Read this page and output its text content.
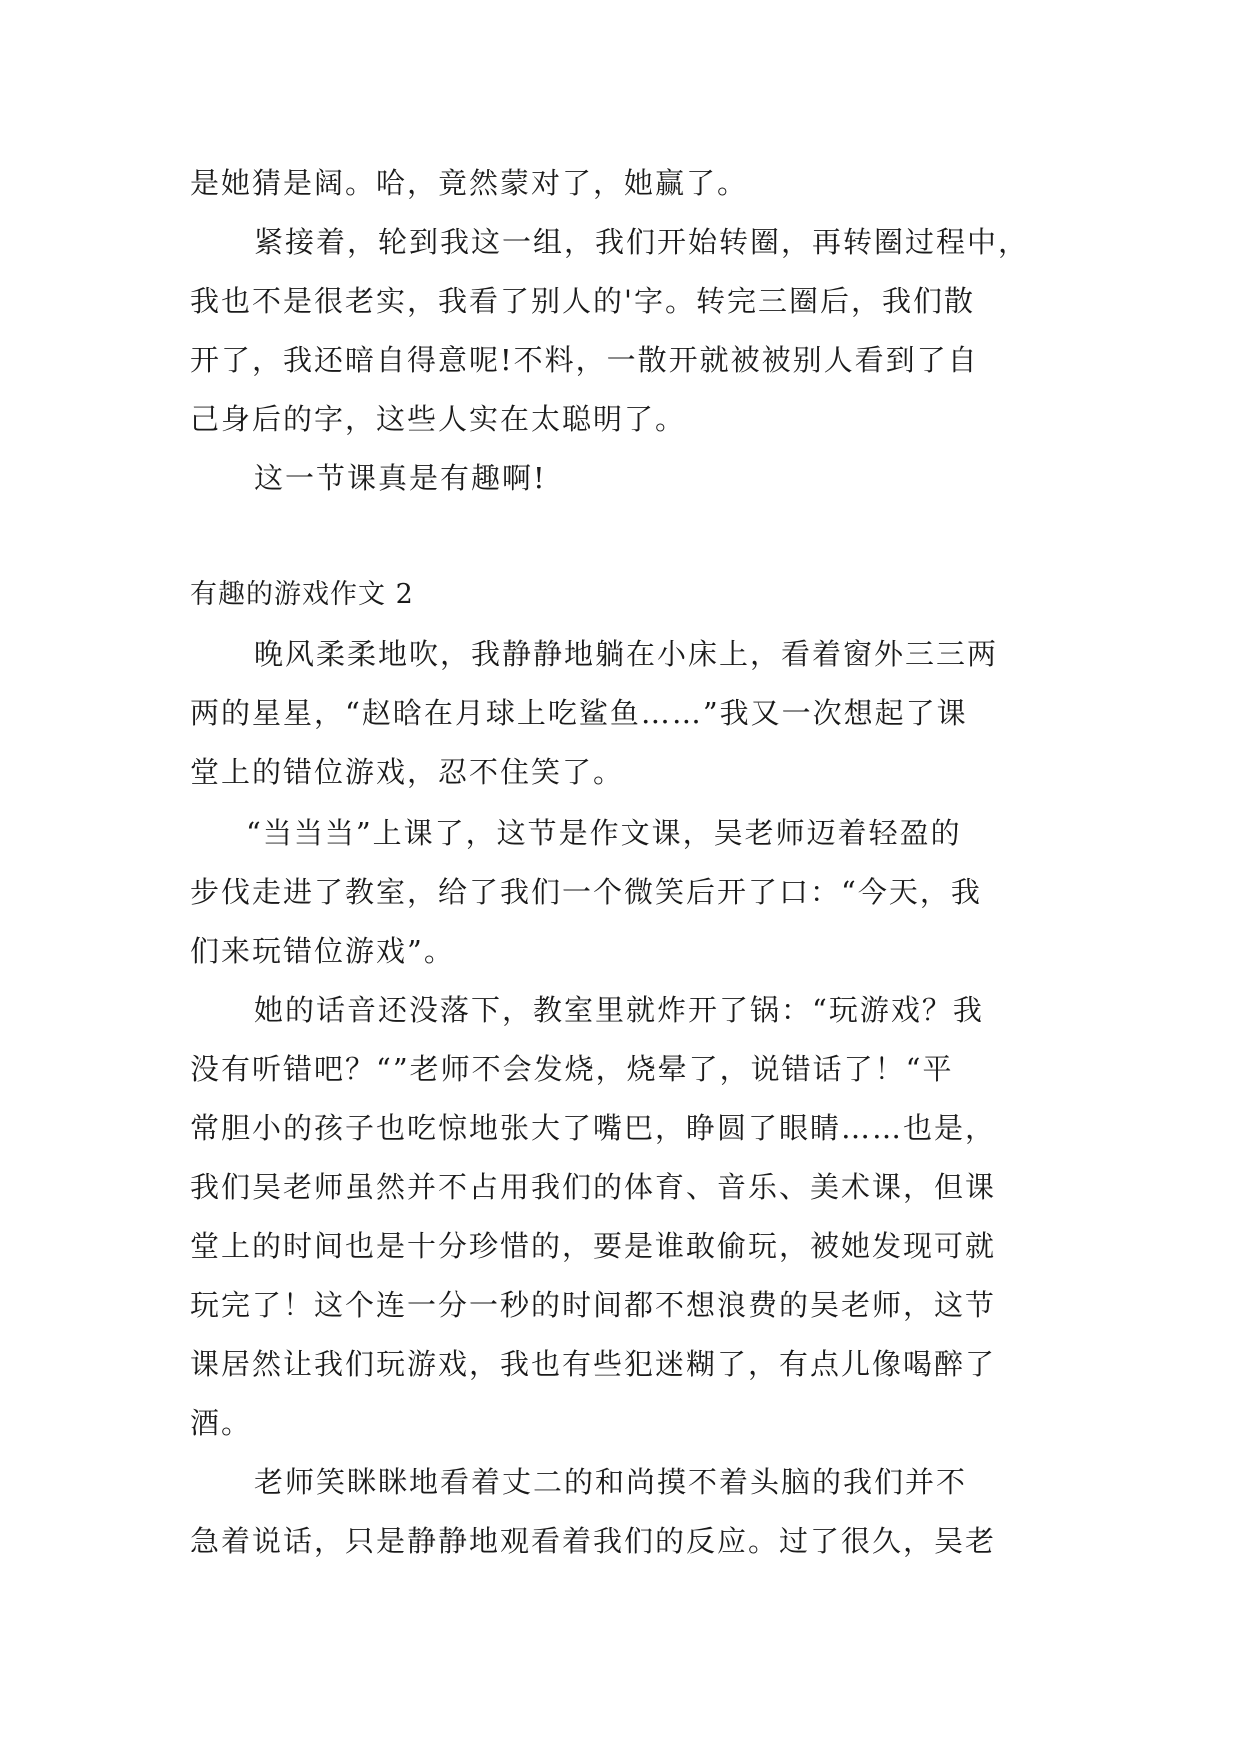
是她猜是阔。哈，竟然蒙对了，她赢了。
紧接着，轮到我这一组，我们开始转圈，再转圈过程中，
我也不是很老实，我看了别人的'字。转完三圈后，我们散
开了，我还暗自得意呢!不料，一散开就被被别人看到了自
己身后的字，这些人实在太聪明了。
这一节课真是有趣啊!
有趣的游戏作文 2
晚风柔柔地吹，我静静地躺在小床上，看着窗外三三两
两的星星，“赵晗在月球上吃鲨鱼……”我又一次想起了课
堂上的错位游戏，忍不住笑了。
“当当当”上课了，这节是作文课，吴老师迈着轻盈的
步伐走进了教室，给了我们一个微笑后开了口：“今天，我
们来玩错位游戏”。
她的话音还没落下，教室里就炸开了锅：“玩游戏？我
没有听错吧？“”老师不会发烧，烧晕了，说错话了！“平
常胆小的孩子也吃惊地张大了嘴巴，睁圆了眼睛……也是，
我们吴老师虽然并不占用我们的体育、音乐、美术课，但课
堂上的时间也是十分珍惜的，要是谁敢偷玩，被她发现可就
玩完了！这个连一分一秒的时间都不想浪费的吴老师，这节
课居然让我们玩游戏，我也有些犯迷糊了，有点儿像喝醉了
酒。
老师笑眯眯地看着丈二的和尚摸不着头脑的我们并不
急着说话，只是静静地观看着我们的反应。过了很久，吴老
